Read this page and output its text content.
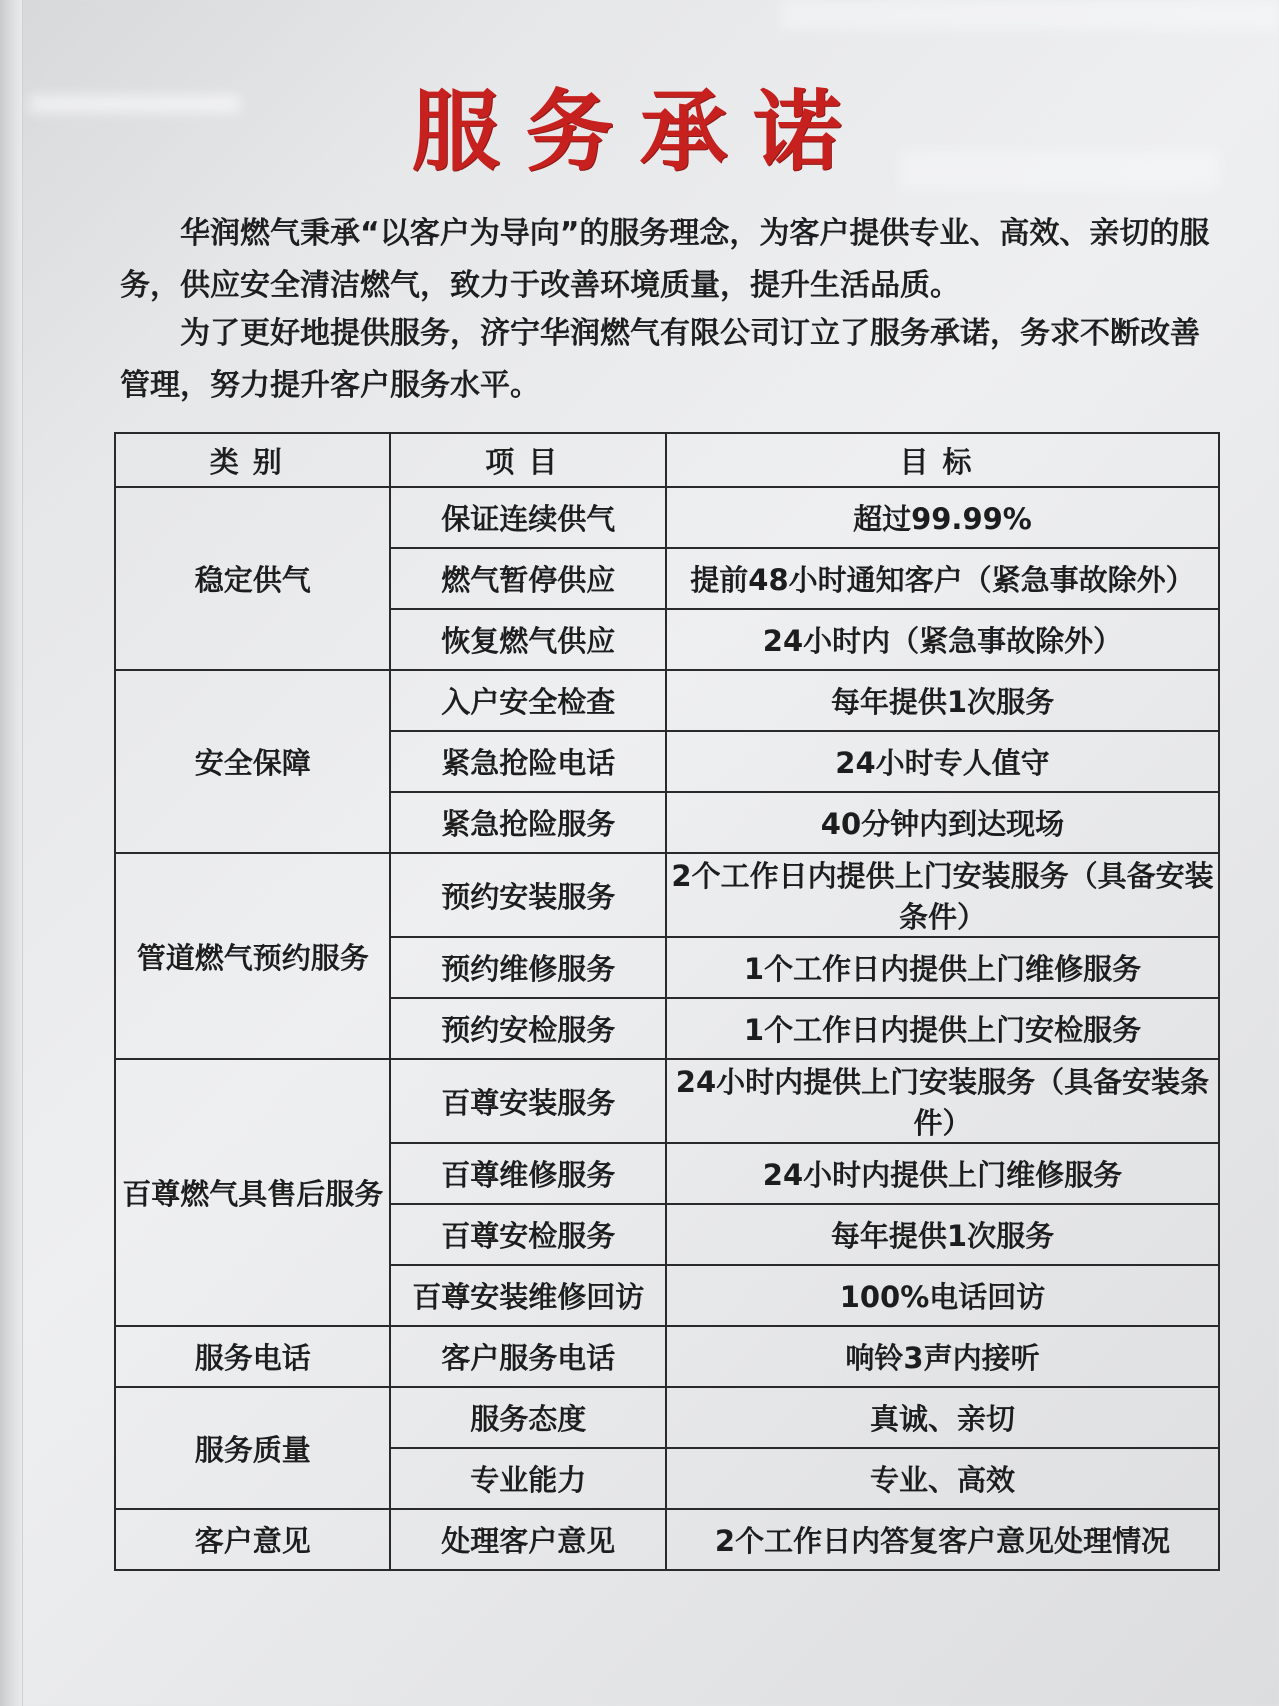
服务承诺

华润燃气秉承“以客户为导向”的服务理念，为客户提供专业、高效、亲切的服务，供应安全清洁燃气，致力于改善环境质量，提升生活品质。

为了更好地提供服务，济宁华润燃气有限公司订立了服务承诺，务求不断改善管理，努力提升客户服务水平。

类别	项目	目标
稳定供气	保证连续供气	超过99.99%
	燃气暂停供应	提前48小时通知客户（紧急事故除外）
	恢复燃气供应	24小时内（紧急事故除外）
安全保障	入户安全检查	每年提供1次服务
	紧急抢险电话	24小时专人值守
	紧急抢险服务	40分钟内到达现场
管道燃气预约服务	预约安装服务	2个工作日内提供上门安装服务（具备安装条件）
	预约维修服务	1个工作日内提供上门维修服务
	预约安检服务	1个工作日内提供上门安检服务
百尊燃气具售后服务	百尊安装服务	24小时内提供上门安装服务（具备安装条件）
	百尊维修服务	24小时内提供上门维修服务
	百尊安检服务	每年提供1次服务
	百尊安装维修回访	100%电话回访
服务电话	客户服务电话	响铃3声内接听
服务质量	服务态度	真诚、亲切
	专业能力	专业、高效
客户意见	处理客户意见	2个工作日内答复客户意见处理情况
